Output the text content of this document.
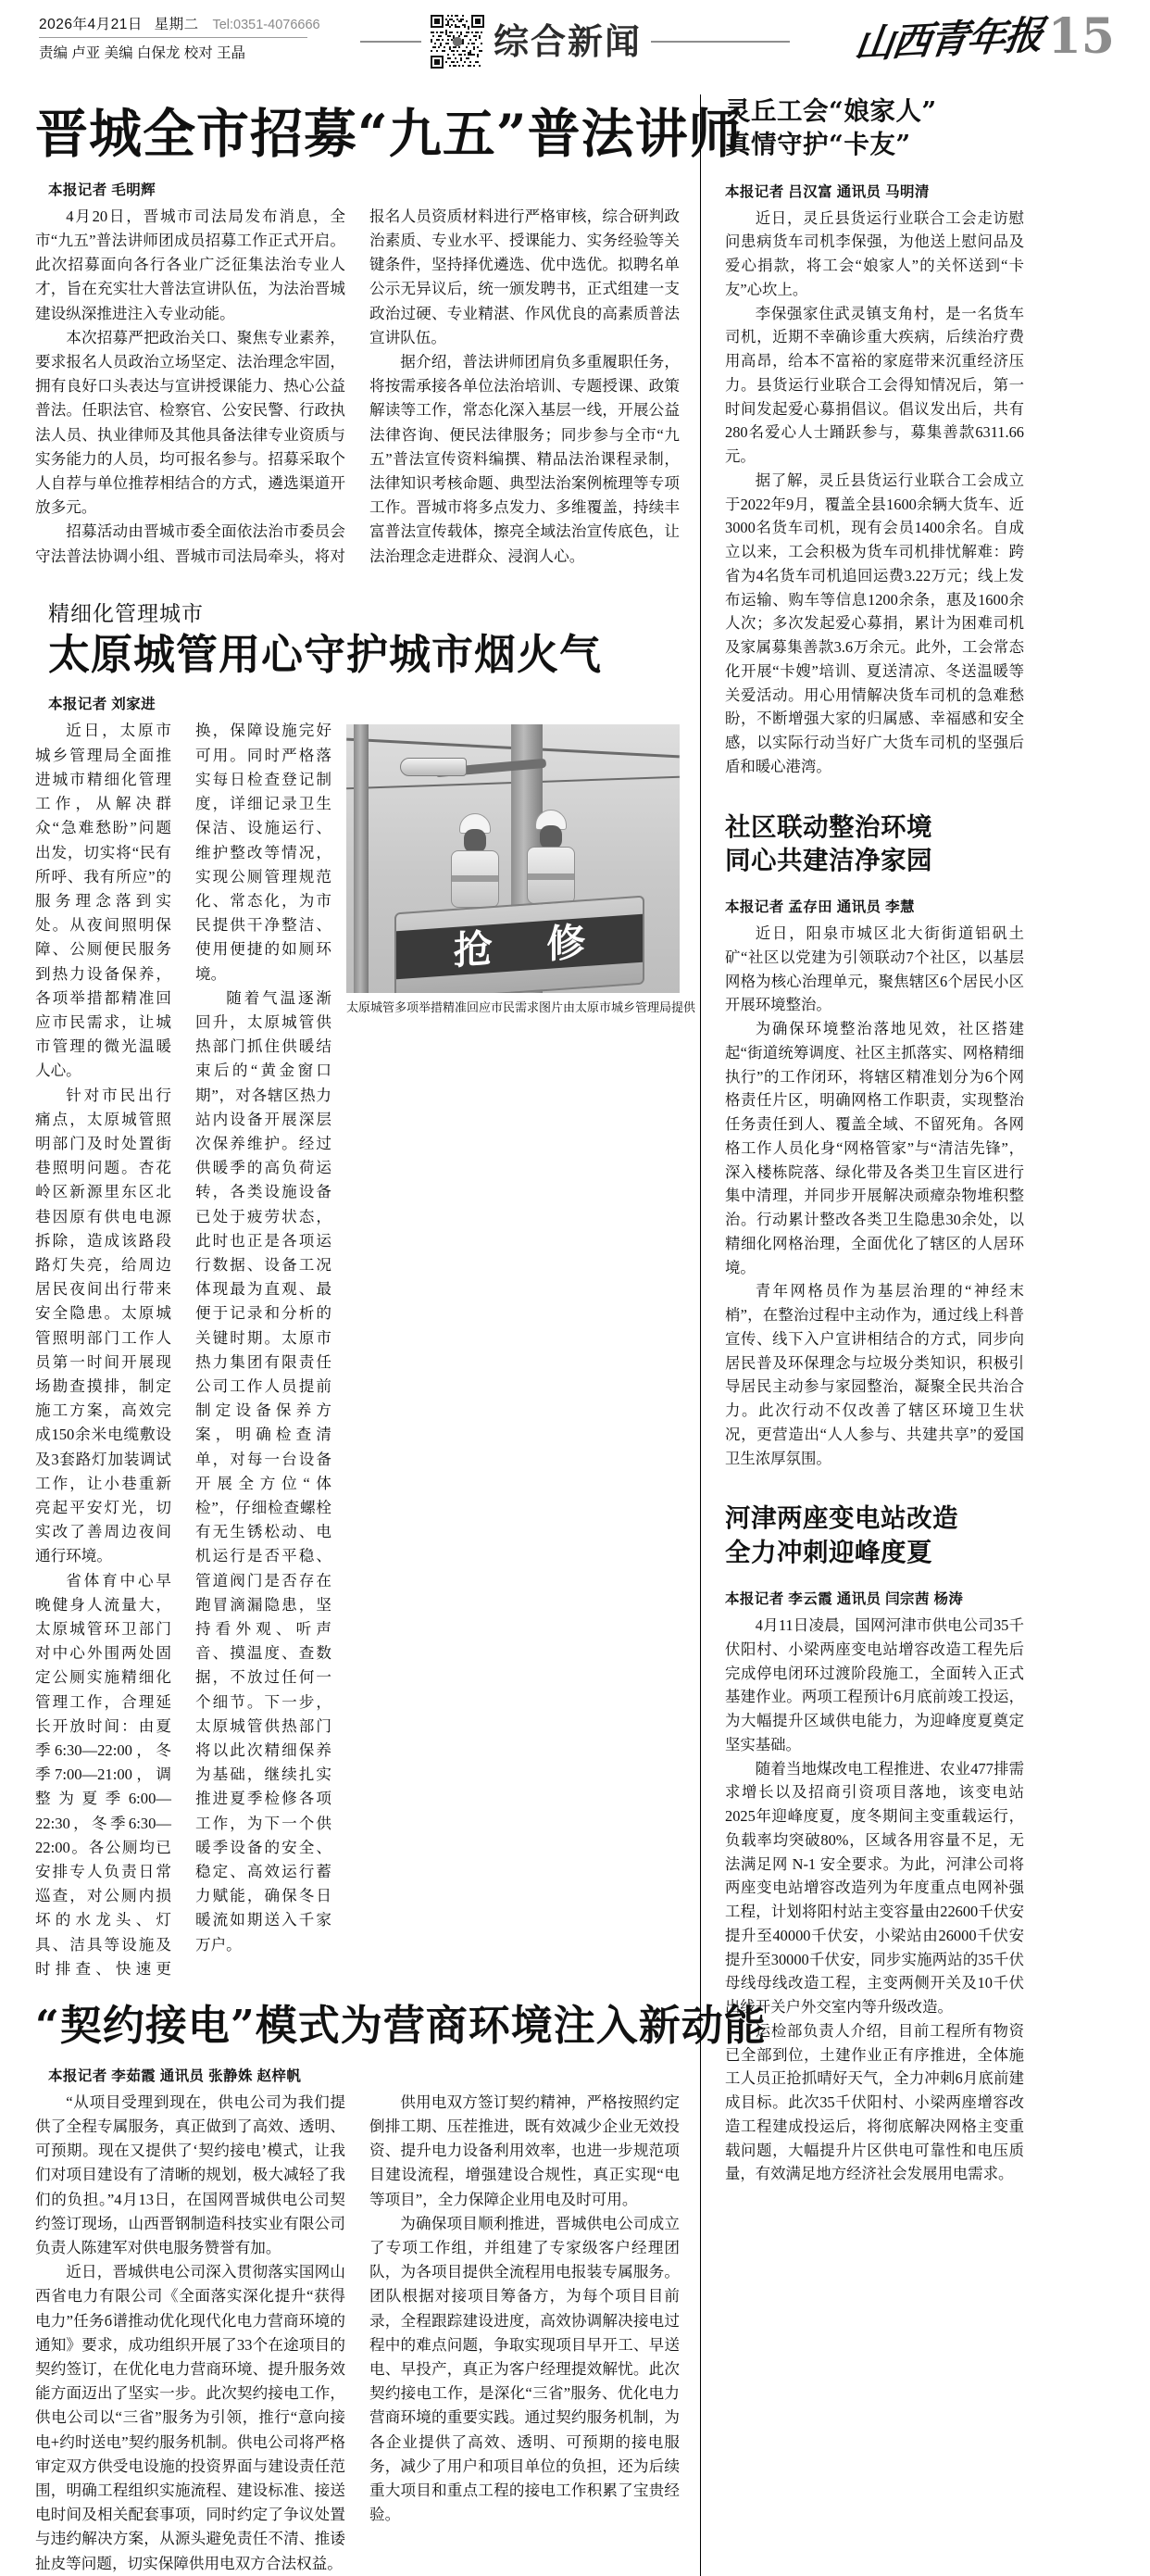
2026年4月21日 星期二 Tel:0351-4076666
责编 卢亚 美编 白保龙 校对 王晶	综合新闻	山西青年报 15
晋城全市招募“九五”普法讲师
本报记者 毛明辉

4月20日，晋城市司法局发布消息，全市“九五”普法讲师团成员招募工作正式开启。此次招募面向各行各业广泛征集法治专业人才，旨在充实壮大普法宣讲队伍，为法治晋城建设纵深推进注入专业动能。

本次招募严把政治关口、聚焦专业素养，要求报名人员政治立场坚定、法治理念牢固，拥有良好口头表达与宣讲授课能力、热心公益普法。任职法官、检察官、公安民警、行政执法人员、执业律师及其他具备法律专业资质与实务能力的人员，均可报名参与。招募采取个人自荐与单位推荐相结合的方式，遴选渠道开放多元。

招募活动由晋城市委全面依法治市委员会守法普法协调小组、晋城市司法局牵头，将对报名人员资质材料进行严格审核，综合研判政治素质、专业水平、授课能力、实务经验等关键条件，坚持择优遴选、优中选优。拟聘名单公示无异议后，统一颁发聘书，正式组建一支政治过硬、专业精湛、作风优良的高素质普法宣讲队伍。

据介绍，普法讲师团肩负多重履职任务，将按需承接各单位法治培训、专题授课、政策解读等工作，常态化深入基层一线，开展公益法律咨询、便民法律服务；同步参与全市“九五”普法宣传资料编撰、精品法治课程录制，法律知识考核命题、典型法治案例梳理等专项工作。晋城市将多点发力、多维覆盖，持续丰富普法宣传载体，擦亮全域法治宣传底色，让法治理念走进群众、浸润人心。

精细化管理城市
太原城管用心守护城市烟火气
本报记者 刘家进
抢 修
太原城管多项举措精准回应市民需求 图片由太原市城乡管理局提供

近日，太原市城乡管理局全面推进城市精细化管理工作，从解决群众“急难愁盼”问题出发，切实将“民有所呼、我有所应”的服务理念落到实处。从夜间照明保障、公厕便民服务到热力设备保养，各项举措都精准回应市民需求，让城市管理的微光温暖人心。

针对市民出行痛点，太原城管照明部门及时处置街巷照明问题。杏花岭区新源里东区北巷因原有供电电源拆除，造成该路段路灯失亮，给周边居民夜间出行带来安全隐患。太原城管照明部门工作人员第一时间开展现场勘查摸排，制定施工方案，高效完成150余米电缆敷设及3套路灯加装调试工作，让小巷重新亮起平安灯光，切实改了善周边夜间通行环境。

省体育中心早晚健身人流量大，太原城管环卫部门对中心外围两处固定公厕实施精细化管理工作，合理延长开放时间：由夏季6:30—22:00，冬季7:00—21:00，调整为夏季6:00—22:30，冬季6:30—22:00。各公厕均已安排专人负责日常巡查，对公厕内损坏的水龙头、灯具、洁具等设施及时排查、快速更换，保障设施完好可用。同时严格落实每日检查登记制度，详细记录卫生保洁、设施运行、维护整改等情况，实现公厕管理规范化、常态化，为市民提供干净整洁、使用便捷的如厕环境。

随着气温逐渐回升，太原城管供热部门抓住供暖结束后的“黄金窗口期”，对各辖区热力站内设备开展深层次保养维护。经过供暖季的高负荷运转，各类设施设备已处于疲劳状态，此时也正是各项运行数据、设备工况体现最为直观、最便于记录和分析的关键时期。太原市热力集团有限责任公司工作人员提前制定设备保养方案，明确检查清单，对每一台设备开展全方位“体检”，仔细检查螺栓有无生锈松动、电机运行是否平稳、管道阀门是否存在跑冒滴漏隐患，坚持看外观、听声音、摸温度、查数据，不放过任何一个细节。下一步，太原城管供热部门将以此次精细保养为基础，继续扎实推进夏季检修各项工作，为下一个供暖季设备的安全、稳定、高效运行蓄力赋能，确保冬日暖流如期送入千家万户。

“契约接电”模式为营商环境注入新动能
本报记者 李茹霞 通讯员 张静姝 赵梓帆

“从项目受理到现在，供电公司为我们提供了全程专属服务，真正做到了高效、透明、可预期。现在又提供了‘契约接电’模式，让我们对项目建设有了清晰的规划，极大减轻了我们的负担。”4月13日，在国网晋城供电公司契约签订现场，山西晋钢制造科技实业有限公司负责人陈建军对供电服务赞誉有加。

近日，晋城供电公司深入贯彻落实国网山西省电力有限公司《全面落实深化提升“获得电力”任务б谱推动优化现代化电力营商环境的通知》要求，成功组织开展了33个在途项目的契约签订，在优化电力营商环境、提升服务效能方面迈出了坚实一步。此次契约接电工作，供电公司以“三省”服务为引领，推行“意向接电+约时送电”契约服务机制。供电公司将严格审定双方供受电设施的投资界面与建设责任范围，明确工程组织实施流程、建设标准、接送电时间及相关配套事项，同时约定了争议处置与违约解决方案，从源头避免责任不清、推诿扯皮等问题，切实保障供用电双方合法权益。

供用电双方签订契约精神，严格按照约定倒排工期、压茬推进，既有效减少企业无效投资、提升电力设备利用效率，也进一步规范项目建设流程，增强建设合规性，真正实现“电等项目”，全力保障企业用电及时可用。

为确保项目顺利推进，晋城供电公司成立了专项工作组，并组建了专家级客户经理团队，为各项目提供全流程用电报装专属服务。团队根据对接项目筹备方，为每个项目目前录，全程跟踪建设进度，高效协调解决接电过程中的难点问题，争取实现项目早开工、早送电、早投产，真正为客户经理提效解忧。此次契约接电工作，是深化“三省”服务、优化电力营商环境的重要实践。通过契约服务机制，为各企业提供了高效、透明、可预期的接电服务，减少了用户和项目单位的负担，还为后续重大项目和重点工程的接电工作积累了宝贵经验。

灵丘工会“娘家人”
真情守护“卡友”
本报记者 吕汉富 通讯员 马明清

近日，灵丘县货运行业联合工会走访慰问患病货车司机李保强，为他送上慰问品及爱心捐款，将工会“娘家人”的关怀送到“卡友”心坎上。

李保强家住武灵镇支角村，是一名货车司机，近期不幸确诊重大疾病，后续治疗费用高昂，给本不富裕的家庭带来沉重经济压力。县货运行业联合工会得知情况后，第一时间发起爱心募捐倡议。倡议发出后，共有280名爱心人士踊跃参与，募集善款6311.66元。

据了解，灵丘县货运行业联合工会成立于2022年9月，覆盖全县1600余辆大货车、近3000名货车司机，现有会员1400余名。自成立以来，工会积极为货车司机排忧解难：跨省为4名货车司机追回运费3.22万元；线上发布运输、购车等信息1200余条，惠及1600余人次；多次发起爱心募捐，累计为困难司机及家属募集善款3.6万余元。此外，工会常态化开展“卡嫂”培训、夏送清凉、冬送温暖等关爱活动。用心用情解决货车司机的急难愁盼，不断增强大家的归属感、幸福感和安全感，以实际行动当好广大货车司机的坚强后盾和暖心港湾。

社区联动整治环境
同心共建洁净家园
本报记者 孟存田 通讯员 李慧

近日，阳泉市城区北大街街道铝矾土矿“社区以党建为引领联动7个社区，以基层网格为核心治理单元，聚焦辖区6个居民小区开展环境整治。

为确保环境整治落地见效，社区搭建起“街道统筹调度、社区主抓落实、网格精细执行”的工作闭环，将辖区精准划分为6个网格责任片区，明确网格工作职责，实现整治任务责任到人、覆盖全域、不留死角。各网格工作人员化身“网格管家”与“清洁先锋”，深入楼栋院落、绿化带及各类卫生盲区进行集中清理，并同步开展解决顽瘴杂物堆积整治。行动累计整改各类卫生隐患30余处，以精细化网格治理，全面优化了辖区的人居环境。

青年网格员作为基层治理的“神经末梢”，在整治过程中主动作为，通过线上科普宣传、线下入户宣讲相结合的方式，同步向居民普及环保理念与垃圾分类知识，积极引导居民主动参与家园整治，凝聚全民共治合力。此次行动不仅改善了辖区环境卫生状况，更营造出“人人参与、共建共享”的爱国卫生浓厚氛围。

河津两座变电站改造
全力冲刺迎峰度夏
本报记者 李云霞 通讯员 闫宗茜 杨涛

4月11日凌晨，国网河津市供电公司35千伏阳村、小梁两座变电站增容改造工程先后完成停电闭环过渡阶段施工，全面转入正式基建作业。两项工程预计6月底前竣工投运，为大幅提升区域供电能力，为迎峰度夏奠定坚实基础。

随着当地煤改电工程推进、农业477排需求增长以及招商引资项目落地，该变电站2025年迎峰度夏，度冬期间主变重载运行，负载率均突破80%，区域各用容量不足，无法满足网 N-1 安全要求。为此，河津公司将两座变电站增容改造列为年度重点电网补强工程，计划将阳村站主变容量由22600千伏安提升至40000千伏安，小梁站由26000千伏安提升至30000千伏安，同步实施两站的35千伏母线母线改造工程，主变两侧开关及10千伏出线开关户外交室内等升级改造。

运检部负责人介绍，目前工程所有物资已全部到位，土建作业正有序推进，全体施工人员正抢抓晴好天气，全力冲刺6月底前建成目标。此次35千伏阳村、小梁两座增容改造工程建成投运后，将彻底解决网格主变重载问题，大幅提升片区供电可靠性和电压质量，有效满足地方经济社会发展用电需求。
